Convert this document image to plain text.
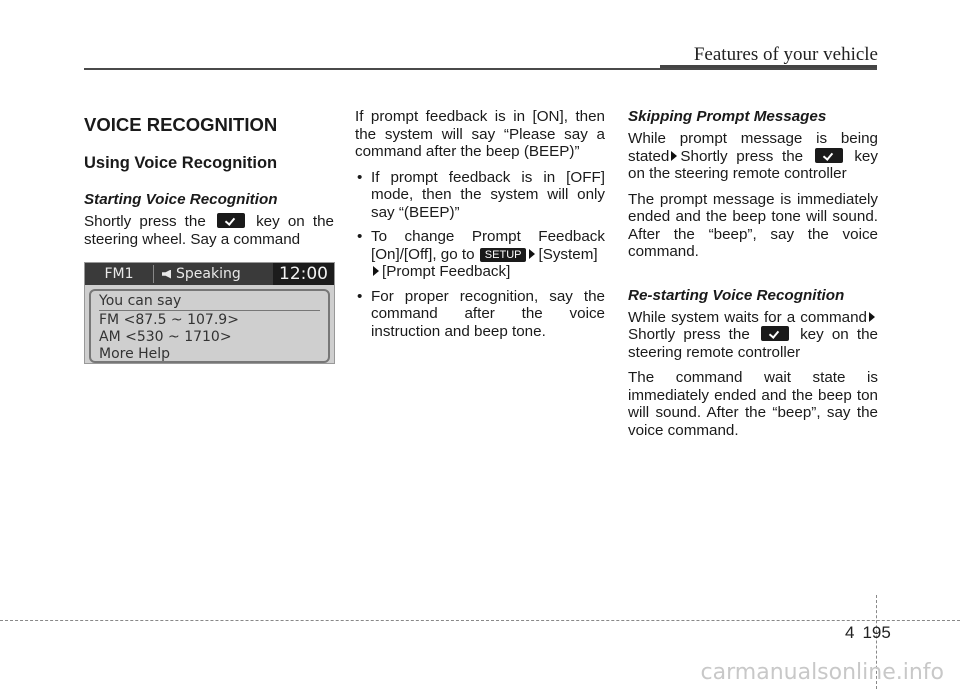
Features of your vehicle
VOICE RECOGNITION
Using Voice Recognition
Starting Voice Recognition

Shortly press the	key on the steering wheel. Say a command

FM1	Speaking	12:00
You can say
FM <87.5 ~ 107.9>
AM <530 ~ 1710>
More Help

If prompt feedback is in [ON], then the system will say “Please say a command after the beep (BEEP)”

• If prompt feedback is in [OFF] mode, then the system will only say “(BEEP)”
• To change Prompt Feedback [On]/[Off], go to SETUP [System]
[Prompt Feedback]
• For proper recognition, say the command after the voice instruction and beep tone.
Skipping Prompt Messages

While prompt message is being stated Shortly press the	key on the steering remote controller

The prompt message is immediately ended and the beep tone will sound. After the “beep”, say the voice command.

Re-starting Voice Recognition

While system waits for a command Shortly press the	key on the steering remote controller

The command wait state is immediately ended and the beep ton will sound. After the “beep”, say the voice command.

4 195
carmanualsonline.info
